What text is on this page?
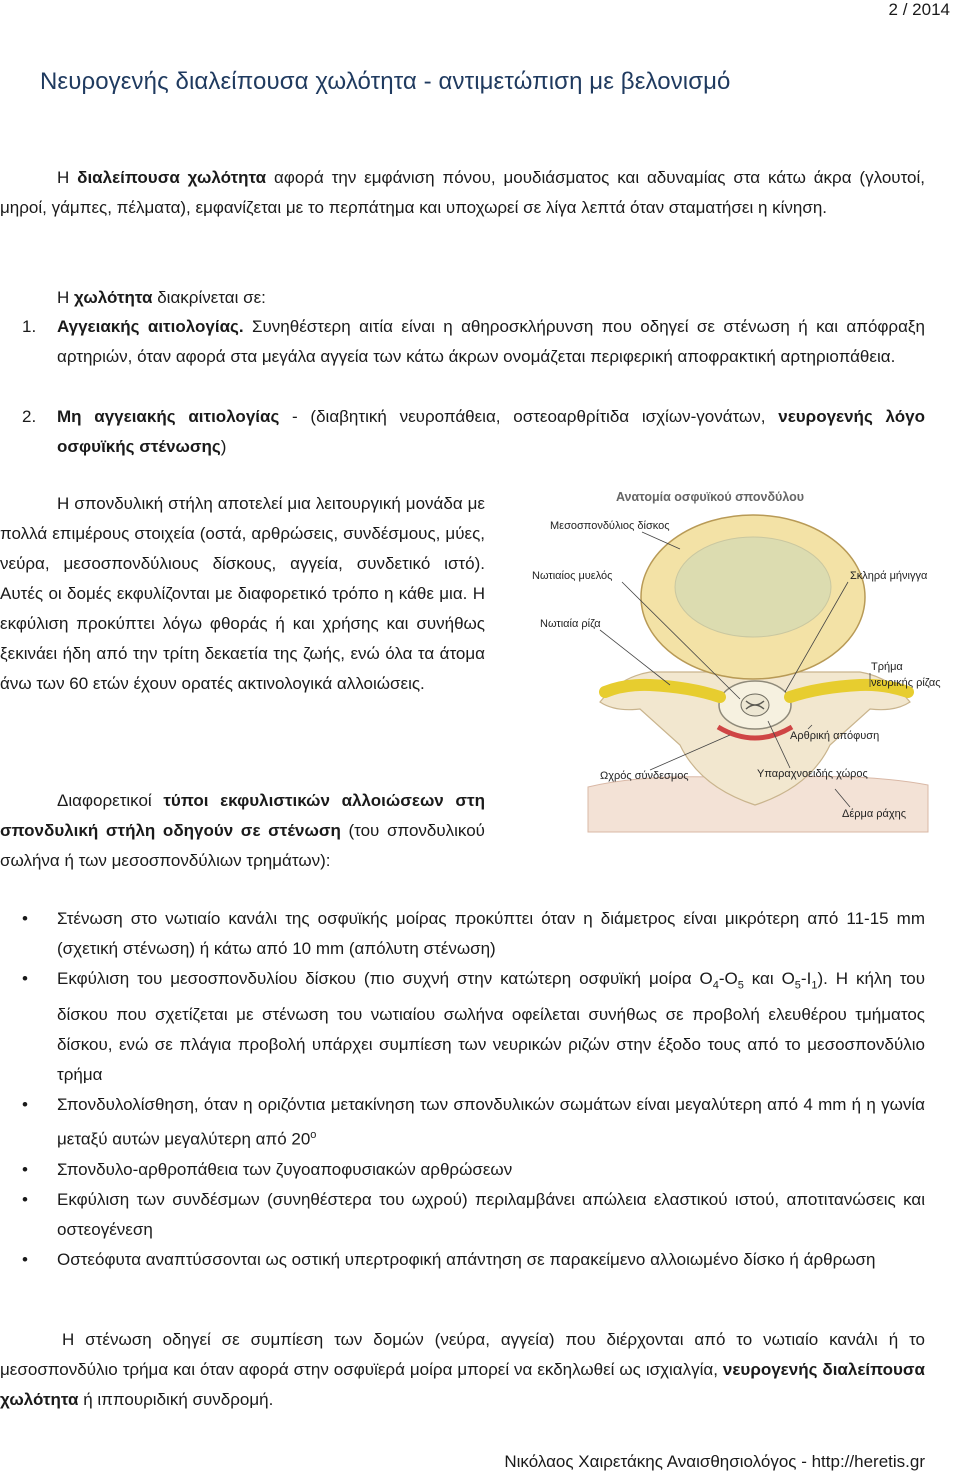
2 / 2014
Νευρογενής διαλείπουσα χωλότητα - αντιμετώπιση με βελονισμό
Η διαλείπουσα χωλότητα αφορά την εμφάνιση πόνου, μουδιάσματος και αδυναμίας στα κάτω άκρα (γλουτοί, μηροί, γάμπες, πέλματα), εμφανίζεται με το περπάτημα και υποχωρεί σε λίγα λεπτά όταν σταματήσει η κίνηση.
Η χωλότητα διακρίνεται σε:
1. Αγγειακής αιτιολογίας. Συνηθέστερη αιτία είναι η αθηροσκλήρυνση που οδηγεί σε στένωση ή και απόφραξη αρτηριών, όταν αφορά στα μεγάλα αγγεία των κάτω άκρων ονομάζεται περιφερική αποφρακτική αρτηριοπάθεια.
2. Μη αγγειακής αιτιολογίας - (διαβητική νευροπάθεια, οστεοαρθρίτιδα ισχίων-γονάτων, νευρογενής λόγο οσφυϊκής στένωσης)
Η σπονδυλική στήλη αποτελεί μια λειτουργική μονάδα με πολλά επιμέρους στοιχεία (οστά, αρθρώσεις, συνδέσμους, μύες, νεύρα, μεσοσπονδύλιους δίσκους, αγγεία, συνδετικό ιστό). Αυτές οι δομές εκφυλίζονται με διαφορετικό τρόπο η κάθε μια. Η εκφύλιση προκύπτει λόγω φθοράς ή και χρήσης και συνήθως ξεκινάει ήδη από την τρίτη δεκαετία της ζωής, ενώ όλα τα άτομα άνω των 60 ετών έχουν ορατές ακτινολογικά αλλοιώσεις.
Διαφορετικοί τύποι εκφυλιστικών αλλοιώσεων στη σπονδυλική στήλη οδηγούν σε στένωση (του σπονδυλικού σωλήνα ή των μεσοσπονδύλιων τρημάτων):
• Στένωση στο νωτιαίο κανάλι της οσφυϊκής μοίρας προκύπτει όταν η διάμετρος είναι μικρότερη από 11-15 mm (σχετική στένωση) ή κάτω από 10 mm (απόλυτη στένωση)
• Εκφύλιση του μεσοσπονδυλίου δίσκου (πιο συχνή στην κατώτερη οσφυϊκή μοίρα $O_4-O_5$ και $O_5-I_1$). Η κήλη του δίσκου που σχετίζεται με στένωση του νωτιαίου σωλήνα οφείλεται συνήθως σε προβολή ελευθέρου τμήματος δίσκου, ενώ σε πλάγια προβολή υπάρχει συμπίεση των νευρικών ριζών στην έξοδο τους από το μεσοσπονδύλιο τρήμα
• Σπονδυλολίσθηση, όταν η οριζόντια μετακίνηση των σπονδυλικών σωμάτων είναι μεγαλύτερη από 4 mm ή η γωνία μεταξύ αυτών μεγαλύτερη από $20^o$
• Σπονδυλο-αρθροπάθεια των ζυγοαποφυσιακών αρθρώσεων
• Εκφύλιση των συνδέσμων (συνηθέστερα του ωχρού) περιλαμβάνει απώλεια ελαστικού ιστού, αποτιτανώσεις και οστεογένεση
• Οστεόφυτα αναπτύσσονται ως οστική υπερτροφική απάντηση σε παρακείμενο αλλοιωμένο δίσκο ή άρθρωση
Η στένωση οδηγεί σε συμπίεση των δομών (νεύρα, αγγεία) που διέρχονται από το νωτιαίο κανάλι ή το μεσοσπονδύλιο τρήμα και όταν αφορά στην οσφυϊερά μοίρα μπορεί να εκδηλωθεί ως ισχιαλγία, νευρογενής διαλείπουσα χωλότητα ή ιππουριδική συνδρομή.
Νικόλαος Χαιρετάκης Αναισθησιολόγος - http://heretis.gr
Ανατομία οσφυϊκού σπονδύλου
Μεσοσπονδύλιος δίσκος
Νωτιαίος μυελός	Σκληρά μήνιγγα
Νωτιαία ρίζα
Τρήμα
νευρικής ρίζας
Αρθρική απόφυση
Ωχρός σύνδεσμος	Υπαραχνοειδής χώρος
Δέρμα ράχης
